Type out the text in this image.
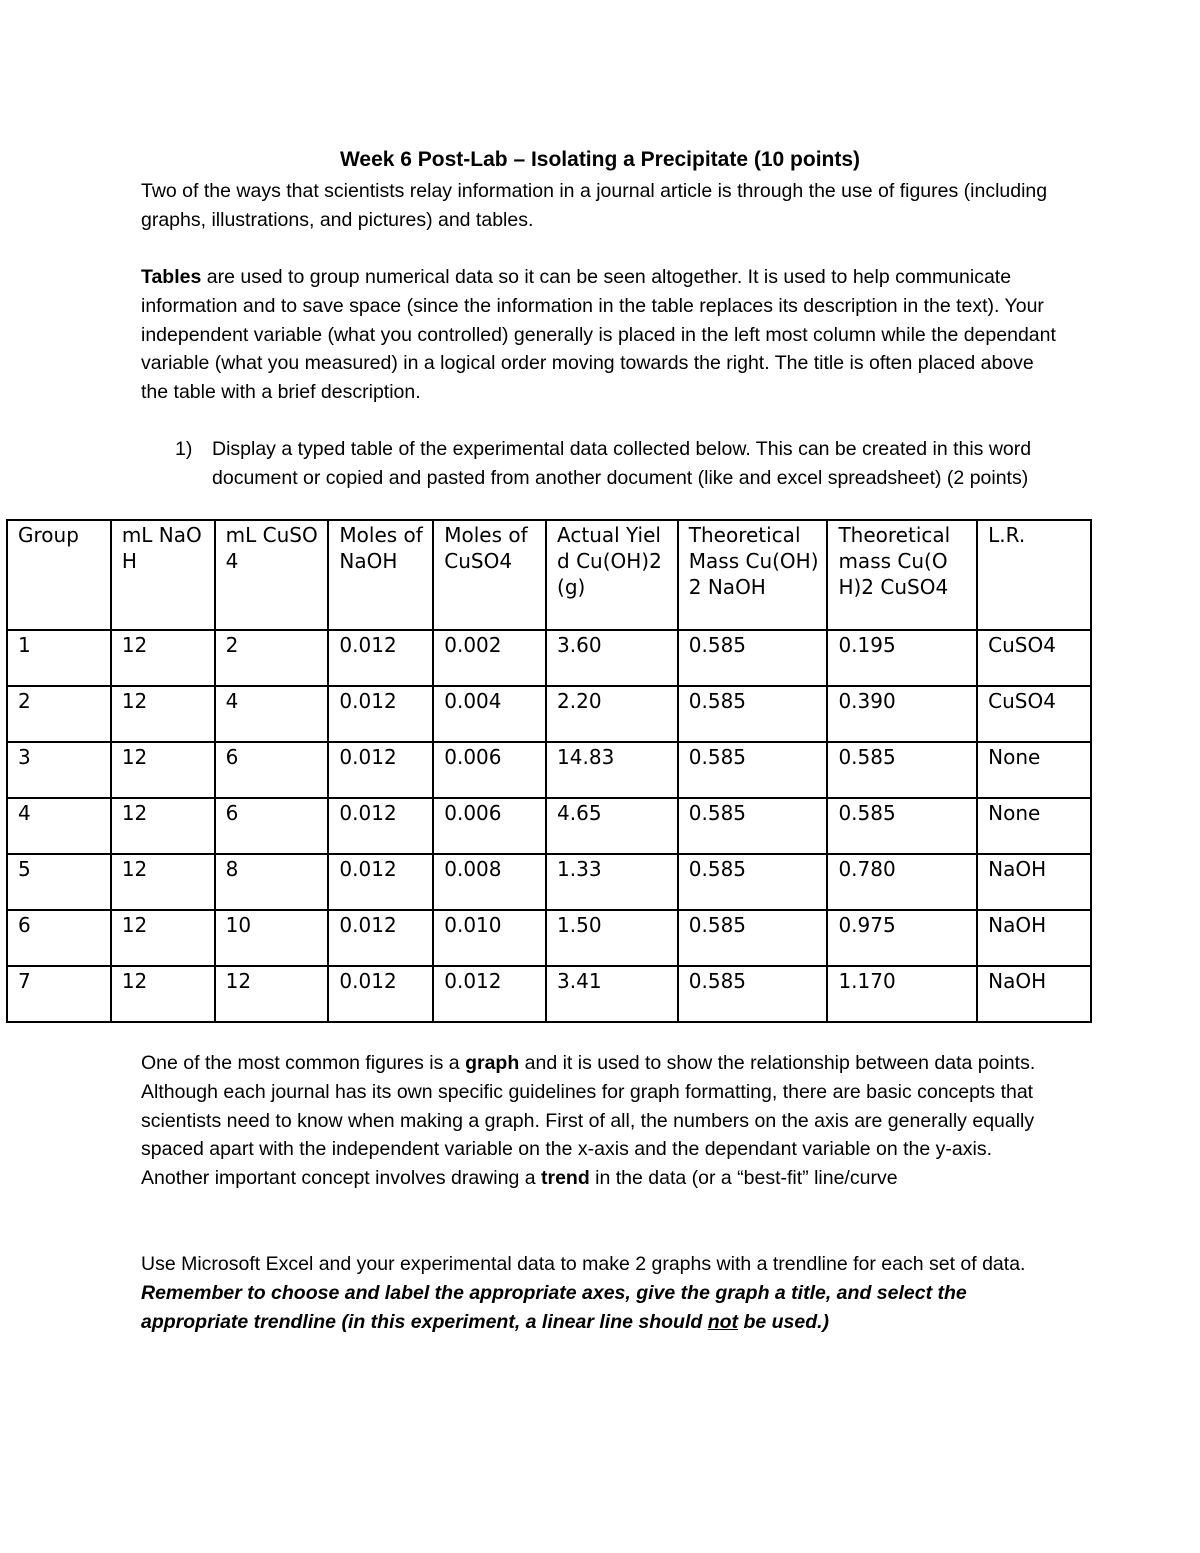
Week 6 Post-Lab – Isolating a Precipitate (10 points)

Two of the ways that scientists relay information in a journal article is through the use of figures (including graphs, illustrations, and pictures) and tables.

Tables are used to group numerical data so it can be seen altogether. It is used to help communicate information and to save space (since the information in the table replaces its description in the text). Your independent variable (what you controlled) generally is placed in the left most column while the dependant variable (what you measured) in a logical order moving towards the right. The title is often placed above the table with a brief description.

1)	Display a typed table of the experimental data collected below. This can be created in this word document or copied and pasted from another document (like and excel spreadsheet) (2 points)
Group	mL NaOH	mL CuSO4	Moles of NaOH	Moles of CuSO4	Actual Yield Cu(OH)2 (g)	Theoretical Mass Cu(OH)2 NaOH	Theoretical mass Cu(OH)2 CuSO4	L.R.
1	12	2	0.012	0.002	3.60	0.585	0.195	CuSO4
2	12	4	0.012	0.004	2.20	0.585	0.390	CuSO4
3	12	6	0.012	0.006	14.83	0.585	0.585	None
4	12	6	0.012	0.006	4.65	0.585	0.585	None
5	12	8	0.012	0.008	1.33	0.585	0.780	NaOH
6	12	10	0.012	0.010	1.50	0.585	0.975	NaOH
7	12	12	0.012	0.012	3.41	0.585	1.170	NaOH

One of the most common figures is a graph and it is used to show the relationship between data points. Although each journal has its own specific guidelines for graph formatting, there are basic concepts that scientists need to know when making a graph. First of all, the numbers on the axis are generally equally spaced apart with the independent variable on the x-axis and the dependant variable on the y-axis. Another important concept involves drawing a trend in the data (or a “best-fit” line/curve

Use Microsoft Excel and your experimental data to make 2 graphs with a trendline for each set of data. Remember to choose and label the appropriate axes, give the graph a title, and select the appropriate trendline (in this experiment, a linear line should not be used.)
